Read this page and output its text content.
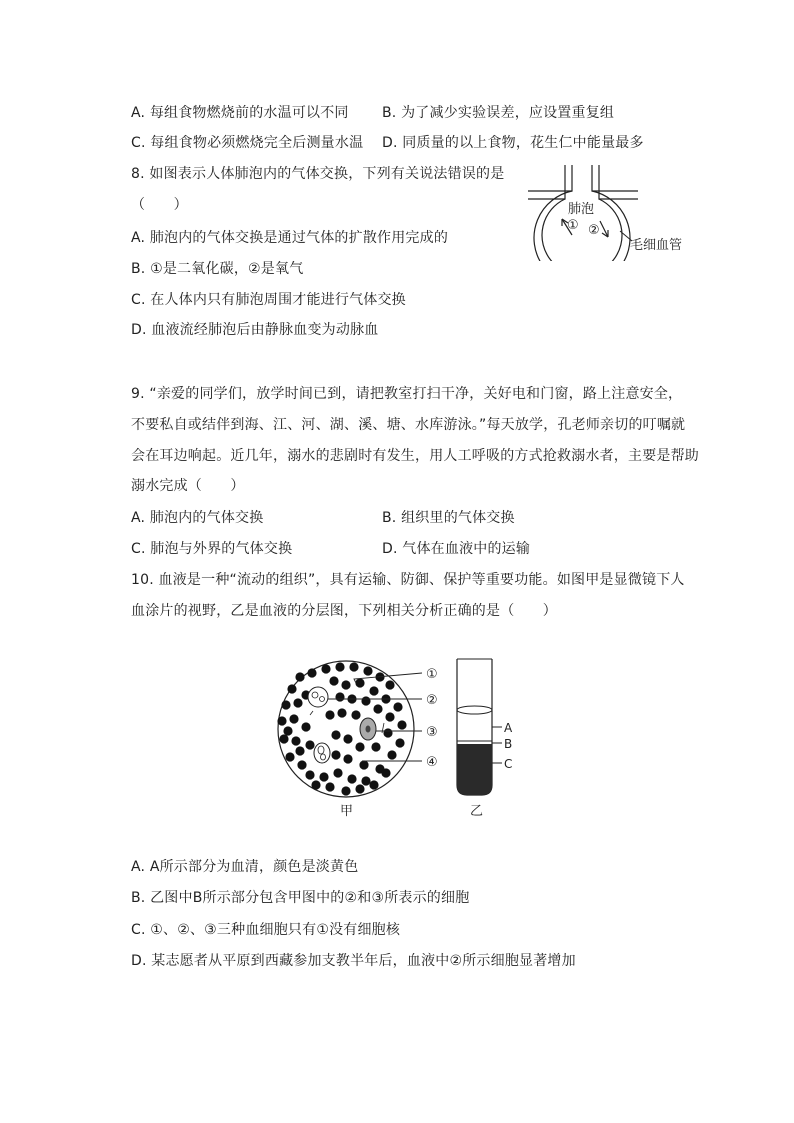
A. 每组食物燃烧前的水温可以不同 B. 为了减少实验误差，应设置重复组
C. 每组食物必须燃烧完全后测量水温 D. 同质量的以上食物，花生仁中能量最多
8. 如图表示人体肺泡内的气体交换，下列有关说法错误的是
（　　）
A. 肺泡内的气体交换是通过气体的扩散作用完成的
B. ①是二氧化碳，②是氧气
C. 在人体内只有肺泡周围才能进行气体交换
D. 血液流经肺泡后由静脉血变为动脉血
肺泡
① ②
毛细血管
9. “亲爱的同学们，放学时间已到，请把教室打扫干净，关好电和门窗，路上注意安全，
不要私自或结伴到海、江、河、湖、溪、塘、水库游泳。”每天放学，孔老师亲切的叮嘱就
会在耳边响起。近几年，溺水的悲剧时有发生，用人工呼吸的方式抢救溺水者，主要是帮助
溺水完成（　　）
A. 肺泡内的气体交换	B. 组织里的气体交换
C. 肺泡与外界的气体交换	D. 气体在血液中的运输
10. 血液是一种“流动的组织”，具有运输、防御、保护等重要功能。如图甲是显微镜下人
血涂片的视野，乙是血液的分层图，下列相关分析正确的是（　　）
①
②
③
④
甲
A
B
C
乙
A. A所示部分为血清，颜色是淡黄色
B. 乙图中B所示部分包含甲图中的②和③所表示的细胞
C. ①、②、③三种血细胞只有①没有细胞核
D. 某志愿者从平原到西藏参加支教半年后，血液中②所示细胞显著增加
